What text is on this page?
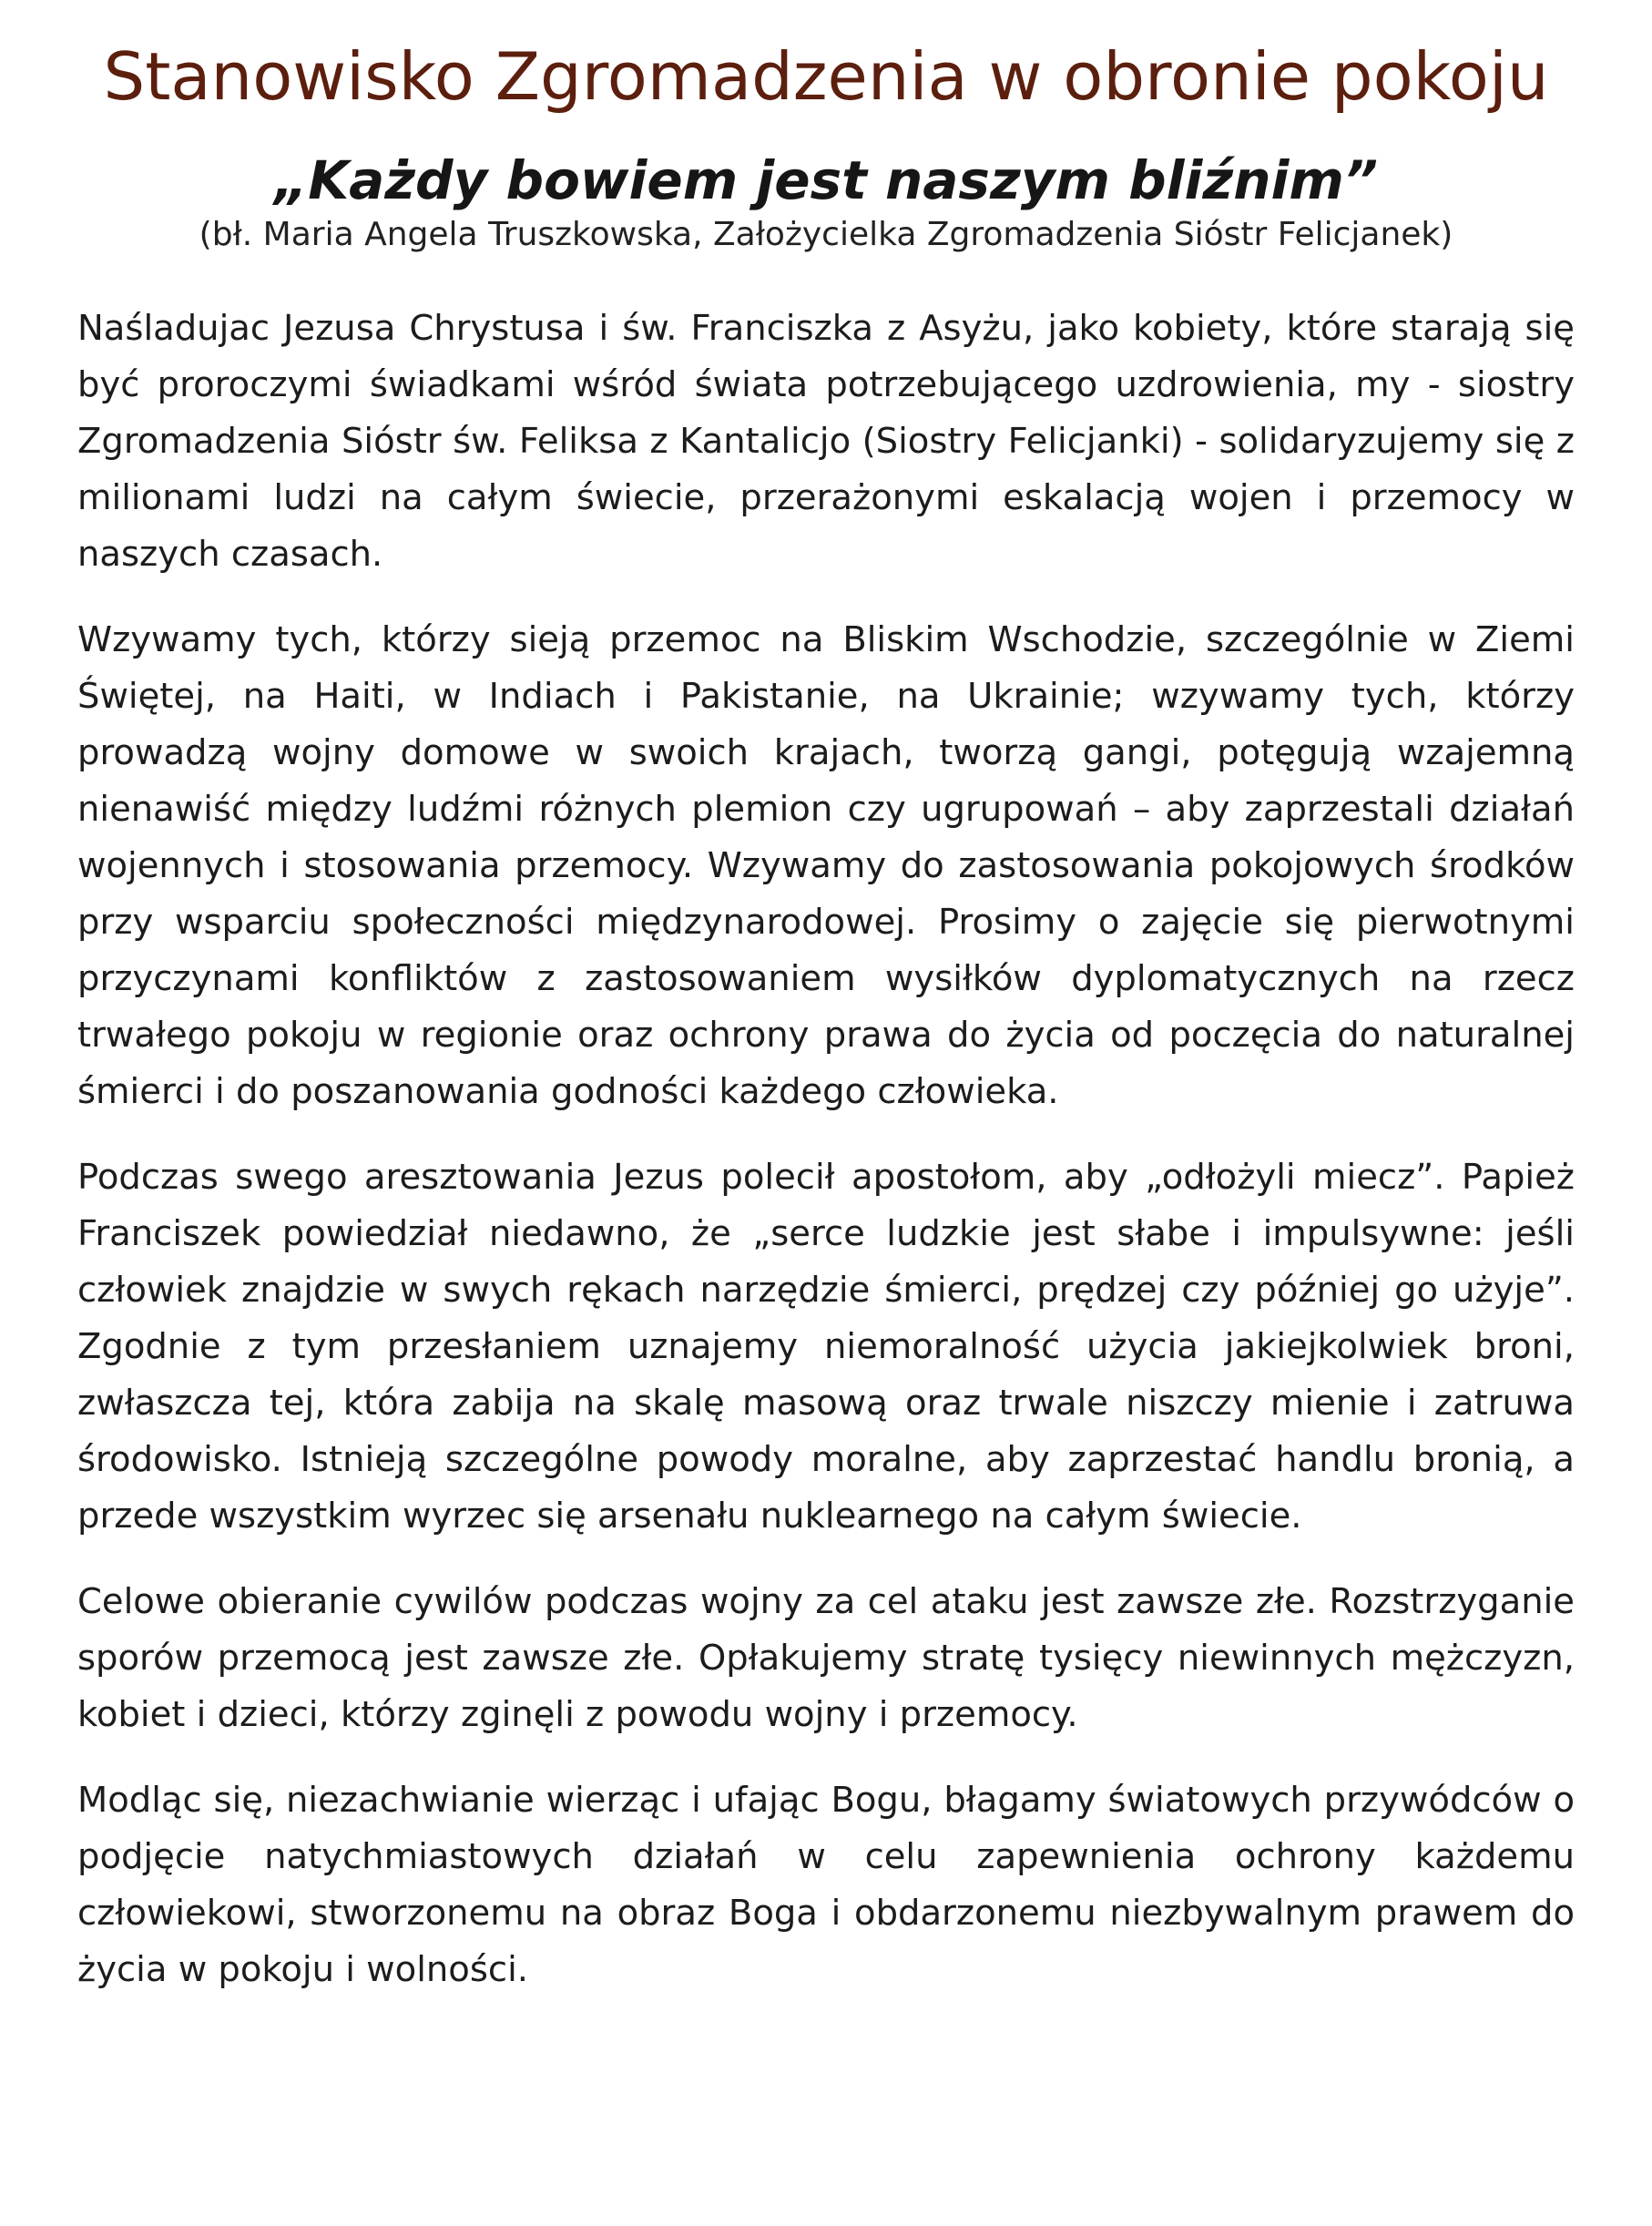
Stanowisko Zgromadzenia w obronie pokoju

„Każdy bowiem jest naszym bliźnim”

(bł. Maria Angela Truszkowska, Założycielka Zgromadzenia Sióstr Felicjanek)

Naśladujac Jezusa Chrystusa i św. Franciszka z Asyżu, jako kobiety, które starają się być proroczymi świadkami wśród świata potrzebującego uzdrowienia, my - siostry Zgromadzenia Sióstr św. Feliksa z Kantalicjo (Siostry Felicjanki) - solidaryzujemy się z milionami ludzi na całym świecie, przerażonymi eskalacją wojen i przemocy w naszych czasach.

Wzywamy tych, którzy sieją przemoc na Bliskim Wschodzie, szczególnie w Ziemi Świętej, na Haiti, w Indiach i Pakistanie, na Ukrainie; wzywamy tych, którzy prowadzą wojny domowe w swoich krajach, tworzą gangi, potęgują wzajemną nienawiść między ludźmi różnych plemion czy ugrupowań – aby zaprzestali działań wojennych i stosowania przemocy. Wzywamy do zastosowania pokojowych środków przy wsparciu społeczności międzynarodowej. Prosimy o zajęcie się pierwotnymi przyczynami konfliktów z zastosowaniem wysiłków dyplomatycznych na rzecz trwałego pokoju w regionie oraz ochrony prawa do życia od poczęcia do naturalnej śmierci i do poszanowania godności każdego człowieka.

Podczas swego aresztowania Jezus polecił apostołom, aby „odłożyli miecz”. Papież Franciszek powiedział niedawno, że „serce ludzkie jest słabe i impulsywne: jeśli człowiek znajdzie w swych rękach narzędzie śmierci, prędzej czy później go użyje”. Zgodnie z tym przesłaniem uznajemy niemoralność użycia jakiejkolwiek broni, zwłaszcza tej, która zabija na skalę masową oraz trwale niszczy mienie i zatruwa środowisko. Istnieją szczególne powody moralne, aby zaprzestać handlu bronią, a przede wszystkim wyrzec się arsenału nuklearnego na całym świecie.

Celowe obieranie cywilów podczas wojny za cel ataku jest zawsze złe. Rozstrzyganie sporów przemocą jest zawsze złe. Opłakujemy stratę tysięcy niewinnych mężczyzn, kobiet i dzieci, którzy zginęli z powodu wojny i przemocy.

Modląc się, niezachwianie wierząc i ufając Bogu, błagamy światowych przywódców o podjęcie natychmiastowych działań w celu zapewnienia ochrony każdemu człowiekowi, stworzonemu na obraz Boga i obdarzonemu niezbywalnym prawem do życia w pokoju i wolności.
